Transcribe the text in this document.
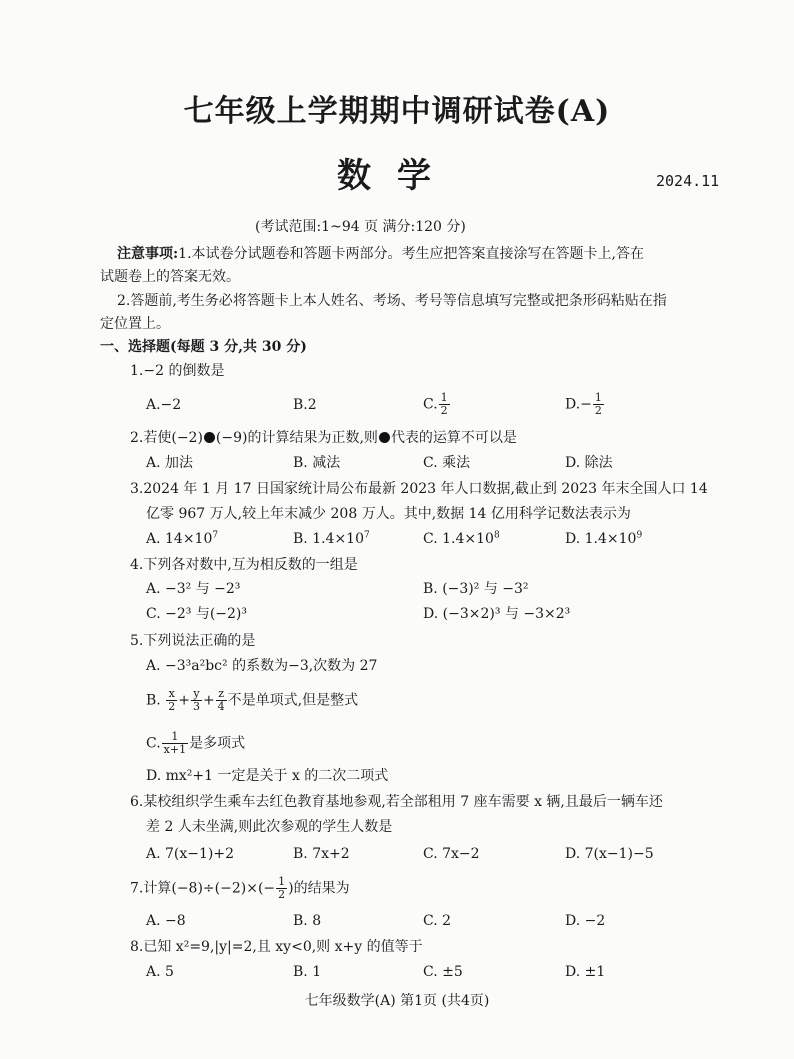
七年级上学期期中调研试卷(A)
数学	2024.11
(考试范围:1~94 页 满分:120 分)
注意事项:1.本试卷分试题卷和答题卡两部分。考生应把答案直接涂写在答题卡上,答在
试题卷上的答案无效。
2.答题前,考生务必将答题卡上本人姓名、考场、考号等信息填写完整或把条形码粘贴在指
定位置上。
一、选择题(每题 3 分,共 30 分)
1.−2 的倒数是
A.−2	B.2	C. $\frac{1}{2}$	$D.- \frac{1}{2}$
2.若使(−2) (−9)的计算结果为正数,则 代表的运算不可以是
A. 加法	B. 减法	C. 乘法	D. 除法
3.2024 年 1 月 17 日国家统计局公布最新 2023 年人口数据,截止到 2023 年末全国人口 14
亿零 967 万人,较上年末减少 208 万人。其中,数据 14 亿用科学记数法表示为
A. $14\times 10^7$	B. $1.4\times 10^7$	C. $1.4\times 10^8$	D. $1.4\times 10^9$
4.下列各对数中,互为相反数的一组是
A. −3² 与 −2³	B. (−3)² 与 −3²
C. −2³ 与(−2)³	D. (−3×2)³ 与 −3×2³
5.下列说法正确的是
A. −3³a²bc² 的系数为−3,次数为 27
B. $\frac{x}{2} + \frac{y}{3} + \frac{z}{4}$ 不是单项式,但是整式
C. $\frac{1}{x+1}$ 是多项式
D. mx²+1 一定是关于 x 的二次二项式
6.某校组织学生乘车去红色教育基地参观,若全部租用 7 座车需要 x 辆,且最后一辆车还
差 2 人未坐满,则此次参观的学生人数是
A. 7(x−1)+2	B. 7x+2	C. 7x−2	D. 7(x−1)−5
7.计算$(-8)\div(-2)\times(- \frac{1}{2}$ )的结果为
A. −8	B. 8	C. 2	D. −2
8.已知 x²=9,|y|=2,且 xy<0,则 x+y 的值等于
A. 5	B. 1	C. ±5	D. ±1
七年级数学(A) 第1页 (共4页)
